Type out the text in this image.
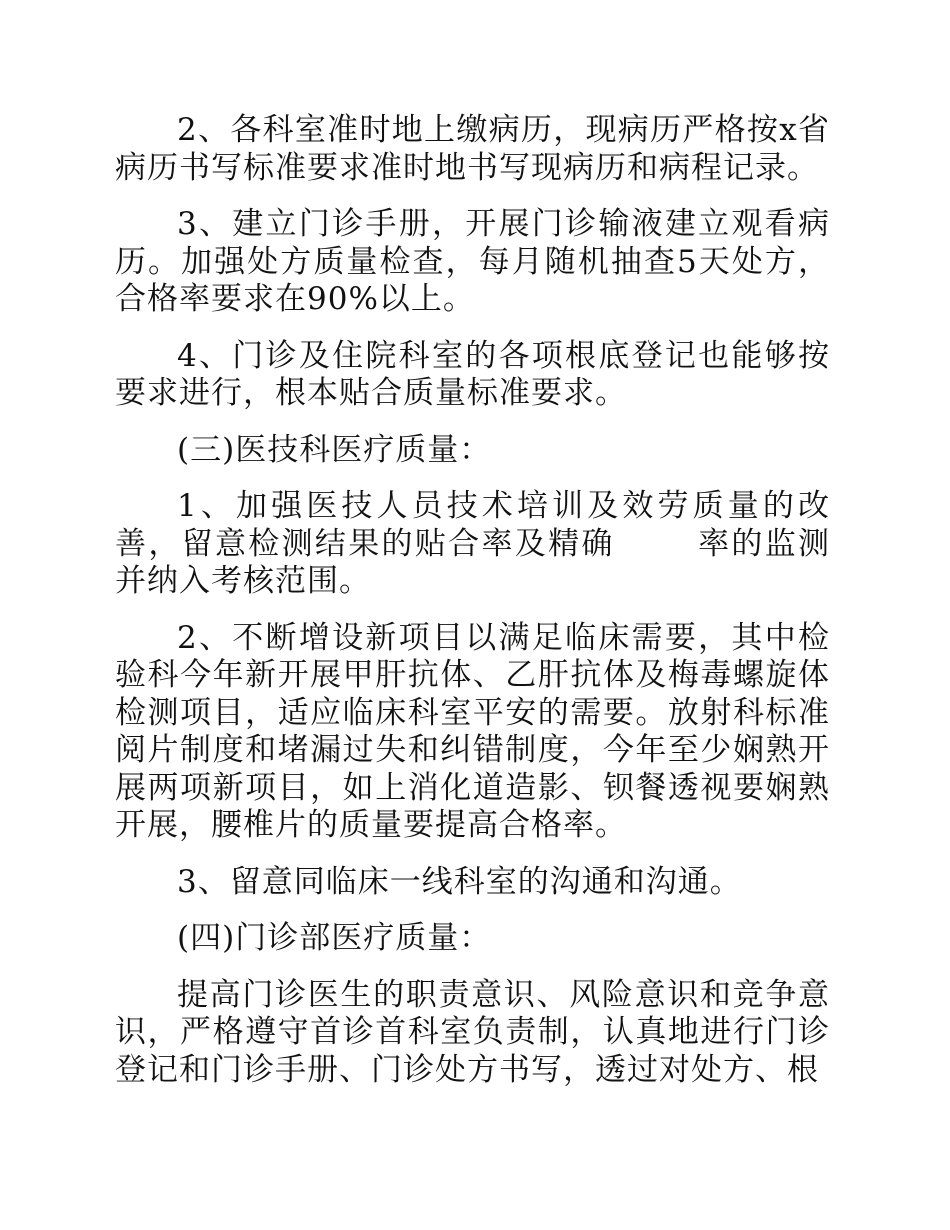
2、各科室准时地上缴病历，现病历严格按x省病历书写标准要求准时地书写现病历和病程记录。

3、建立门诊手册，开展门诊输液建立观看病历。加强处方质量检查，每月随机抽查5天处方，合格率要求在90%以上。

4、门诊及住院科室的各项根底登记也能够按要求进行，根本贴合质量标准要求。

(三)医技科医疗质量：

1、加强医技人员技术培训及效劳质量的改善，留意检测结果的贴合率及精确	率的监测并纳入考核范围。

2、不断增设新项目以满足临床需要，其中检验科今年新开展甲肝抗体、乙肝抗体及梅毒螺旋体检测项目，适应临床科室平安的需要。放射科标准阅片制度和堵漏过失和纠错制度，今年至少娴熟开展两项新项目，如上消化道造影、钡餐透视要娴熟开展，腰椎片的质量要提高合格率。

3、留意同临床一线科室的沟通和沟通。

(四)门诊部医疗质量：

提高门诊医生的职责意识、风险意识和竞争意识，严格遵守首诊首科室负责制，认真地进行门诊登记和门诊手册、门诊处方书写，透过对处方、根
